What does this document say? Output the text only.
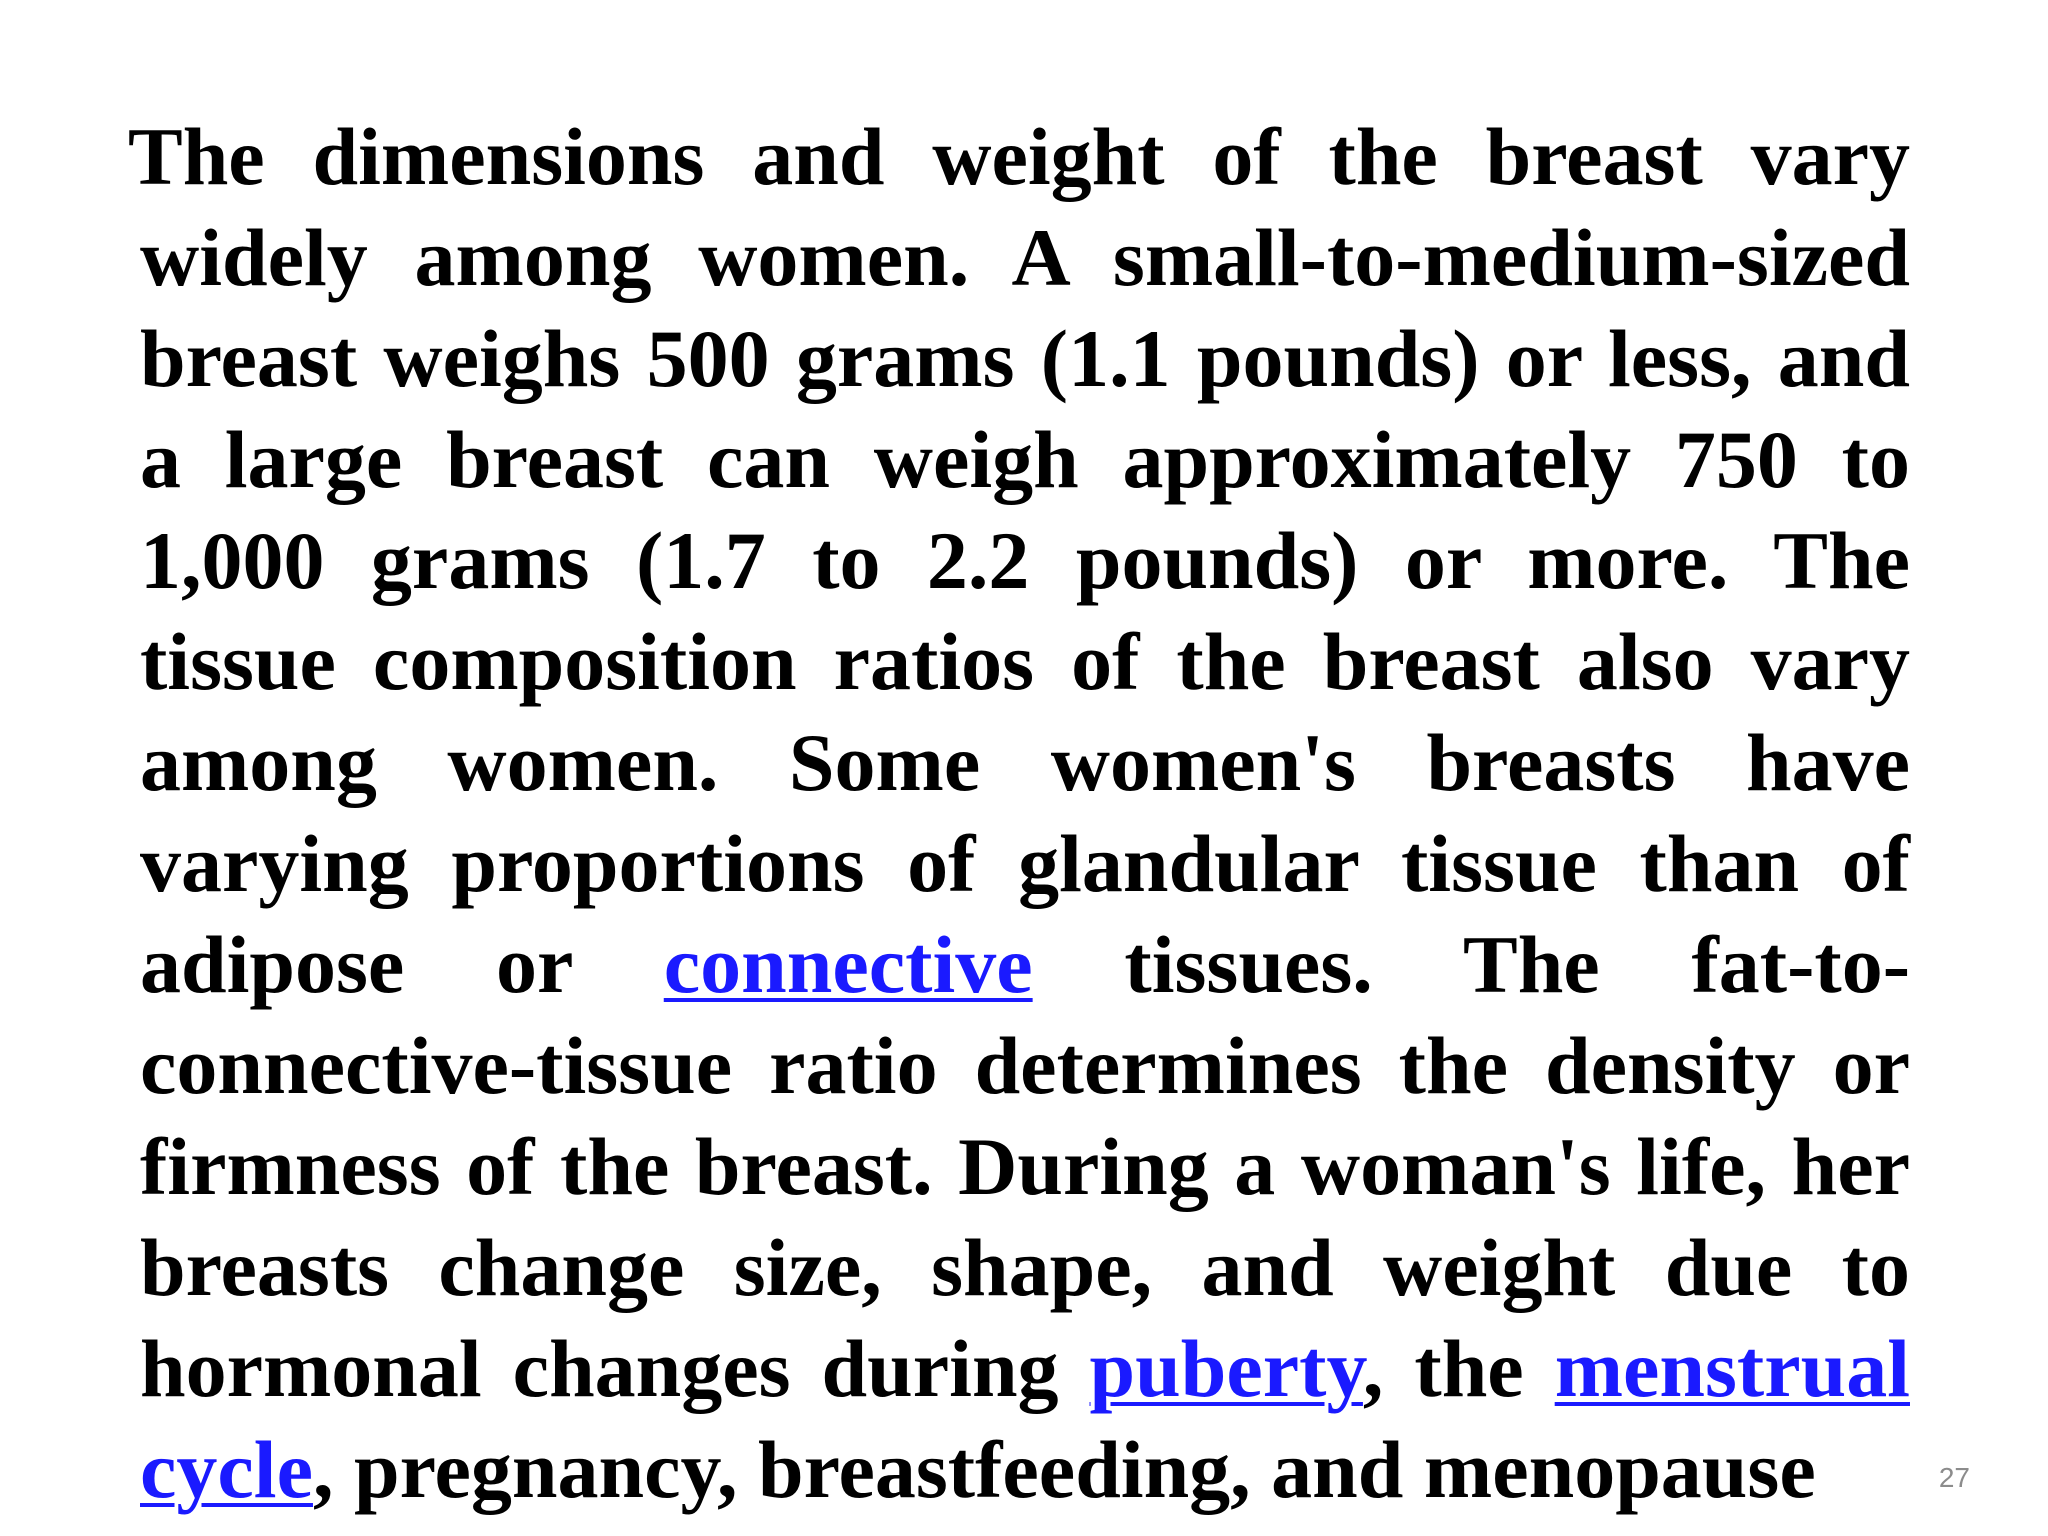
The dimensions and weight of the breast vary widely among women. A small-to-medium-sized breast weighs 500 grams (1.1 pounds) or less, and a large breast can weigh approximately 750 to 1,000 grams (1.7 to 2.2 pounds) or more. The tissue composition ratios of the breast also vary among women. Some women's breasts have varying proportions of glandular tissue than of adipose or connective tissues. The fat-to-connective-tissue ratio determines the density or firmness of the breast. During a woman's life, her breasts change size, shape, and weight due to hormonal changes during puberty, the menstrual cycle, pregnancy, breastfeeding, and menopause	27
